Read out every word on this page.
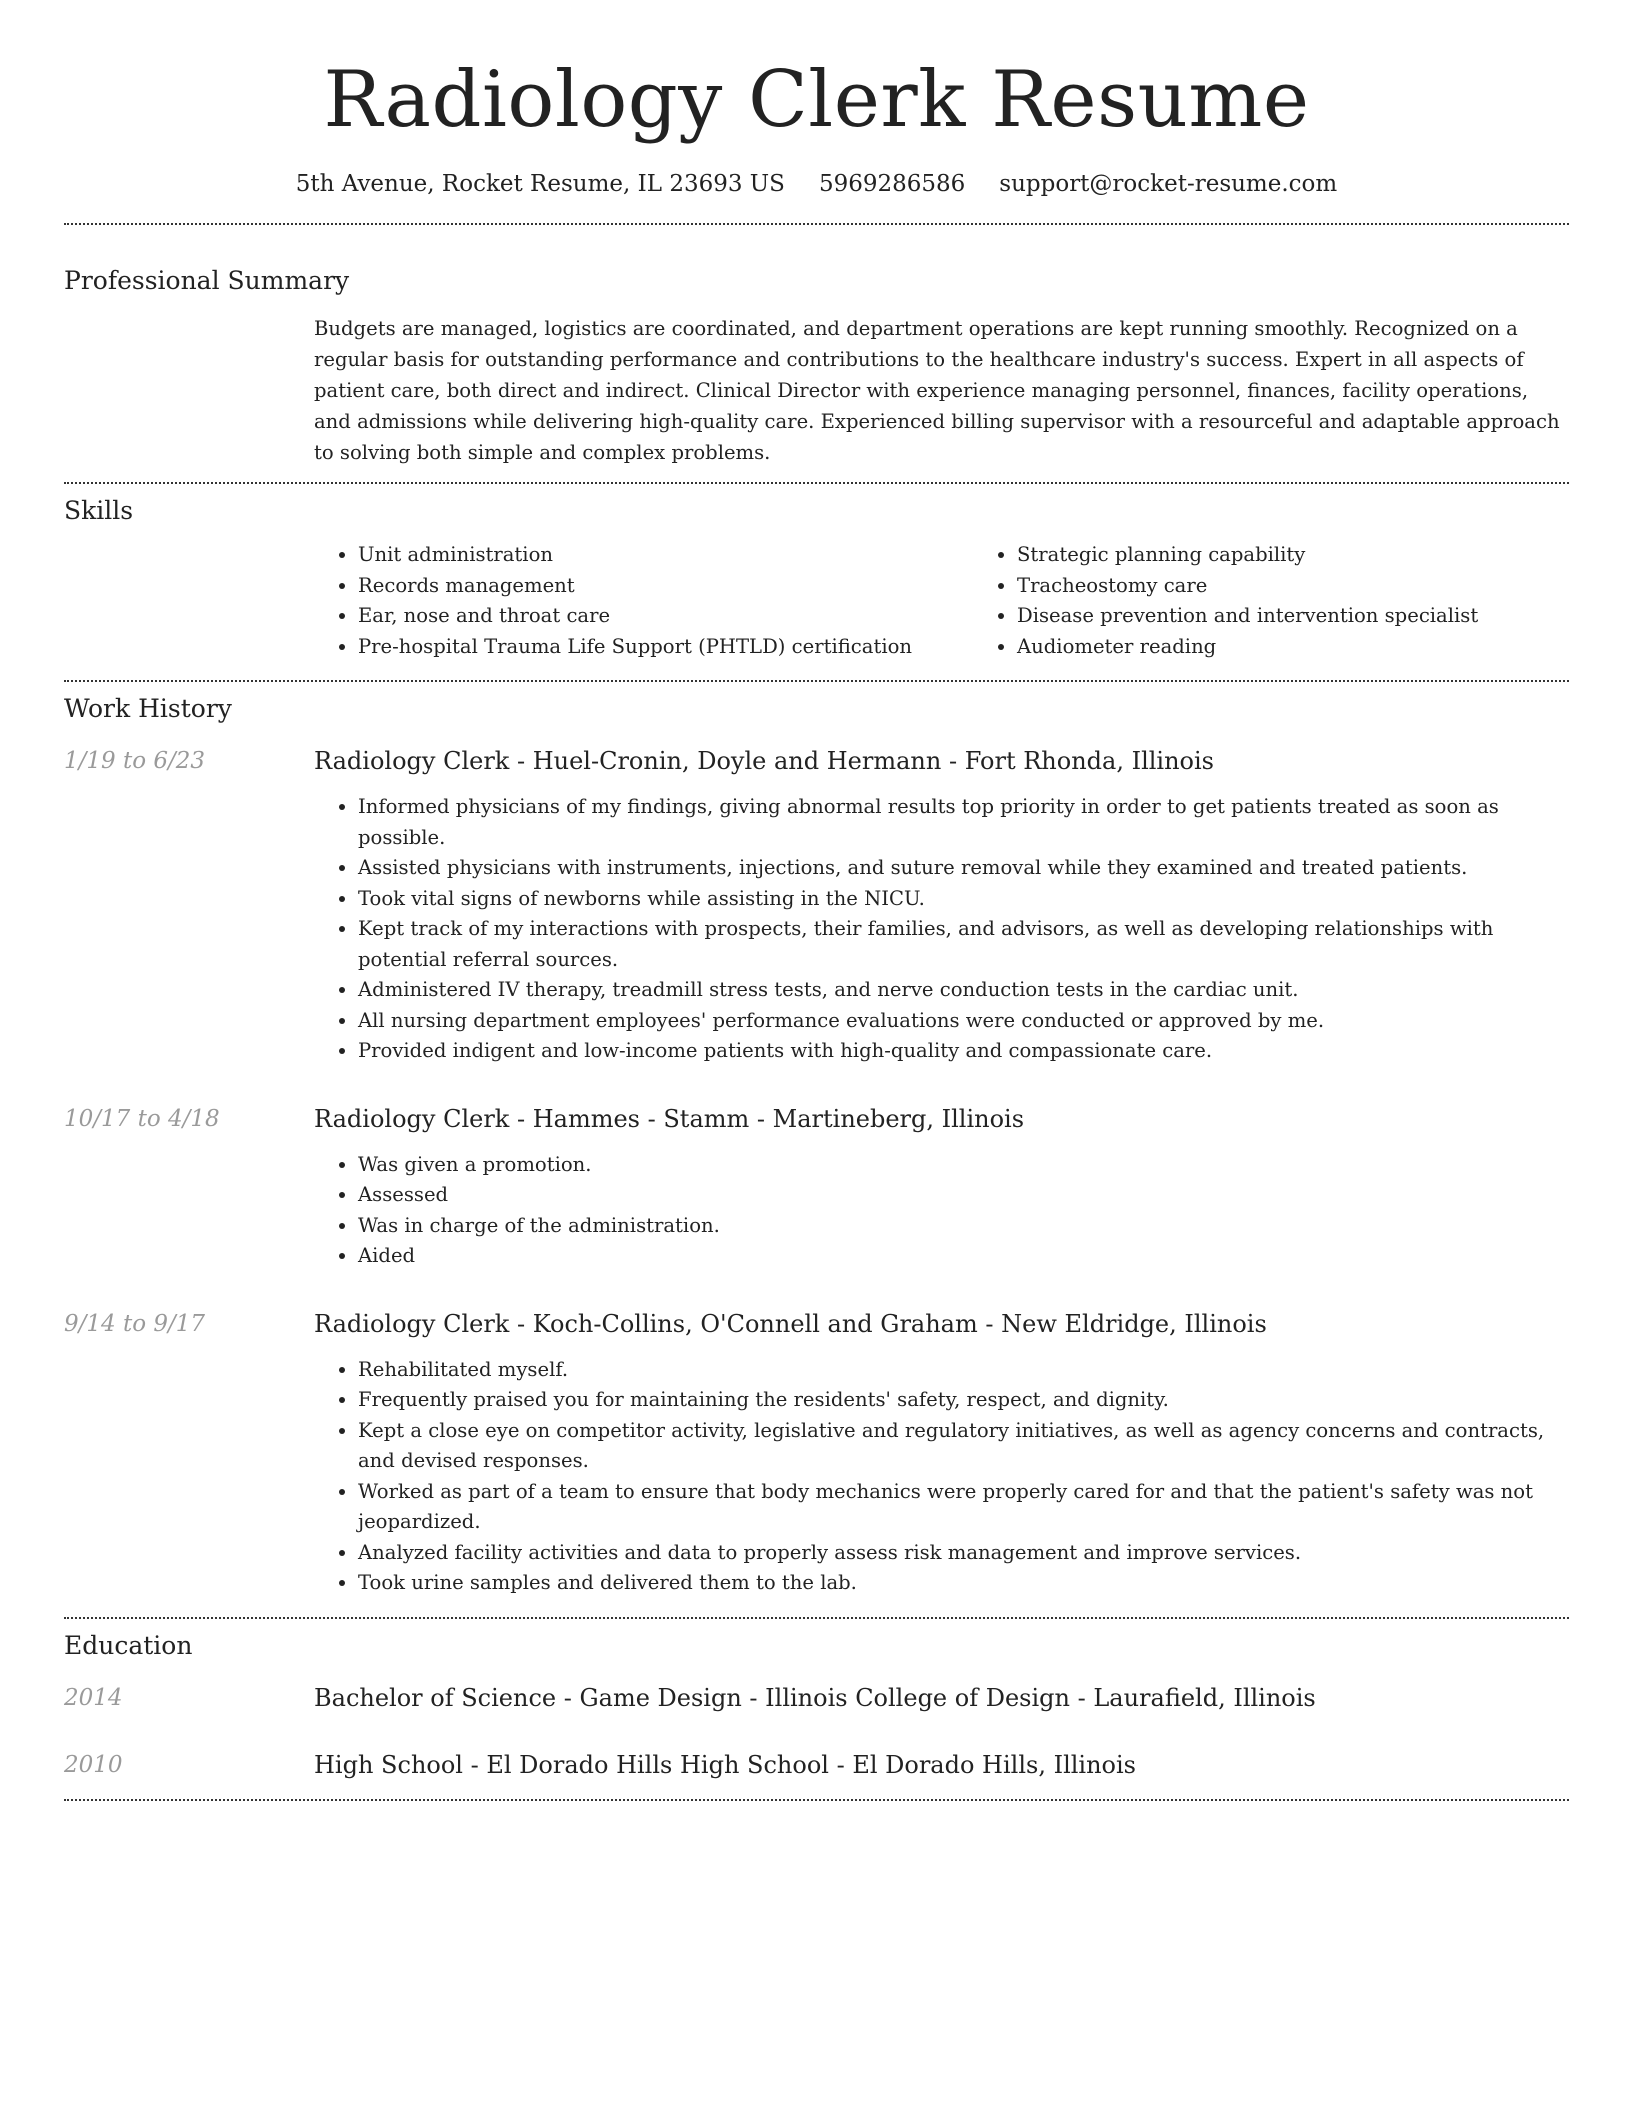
Radiology Clerk Resume
5th Avenue, Rocket Resume, IL 23693 US 5969286586 support@rocket-resume.com
Professional Summary

Budgets are managed, logistics are coordinated, and department operations are kept running smoothly. Recognized on a regular basis for outstanding performance and contributions to the healthcare industry's success. Expert in all aspects of patient care, both direct and indirect. Clinical Director with experience managing personnel, finances, facility operations, and admissions while delivering high-quality care. Experienced billing supervisor with a resourceful and adaptable approach to solving both simple and complex problems.

Skills
• Unit administration
• Records management
• Ear, nose and throat care
• Pre-hospital Trauma Life Support (PHTLD) certification
• Strategic planning capability
• Tracheostomy care
• Disease prevention and intervention specialist
• Audiometer reading
Work History
1/19 to 6/23	Radiology Clerk - Huel-Cronin, Doyle and Hermann - Fort Rhonda, Illinois
• Informed physicians of my findings, giving abnormal results top priority in order to get patients treated as soon as possible.
• Assisted physicians with instruments, injections, and suture removal while they examined and treated patients.
• Took vital signs of newborns while assisting in the NICU.
• Kept track of my interactions with prospects, their families, and advisors, as well as developing relationships with potential referral sources.
• Administered IV therapy, treadmill stress tests, and nerve conduction tests in the cardiac unit.
• All nursing department employees' performance evaluations were conducted or approved by me.
• Provided indigent and low-income patients with high-quality and compassionate care.
10/17 to 4/18	Radiology Clerk - Hammes - Stamm - Martineberg, Illinois
• Was given a promotion.
• Assessed
• Was in charge of the administration.
• Aided
9/14 to 9/17	Radiology Clerk - Koch-Collins, O'Connell and Graham - New Eldridge, Illinois
• Rehabilitated myself.
• Frequently praised you for maintaining the residents' safety, respect, and dignity.
• Kept a close eye on competitor activity, legislative and regulatory initiatives, as well as agency concerns and contracts, and devised responses.
• Worked as part of a team to ensure that body mechanics were properly cared for and that the patient's safety was not jeopardized.
• Analyzed facility activities and data to properly assess risk management and improve services.
• Took urine samples and delivered them to the lab.
Education
2014	Bachelor of Science - Game Design - Illinois College of Design - Laurafield, Illinois
2010	High School - El Dorado Hills High School - El Dorado Hills, Illinois
